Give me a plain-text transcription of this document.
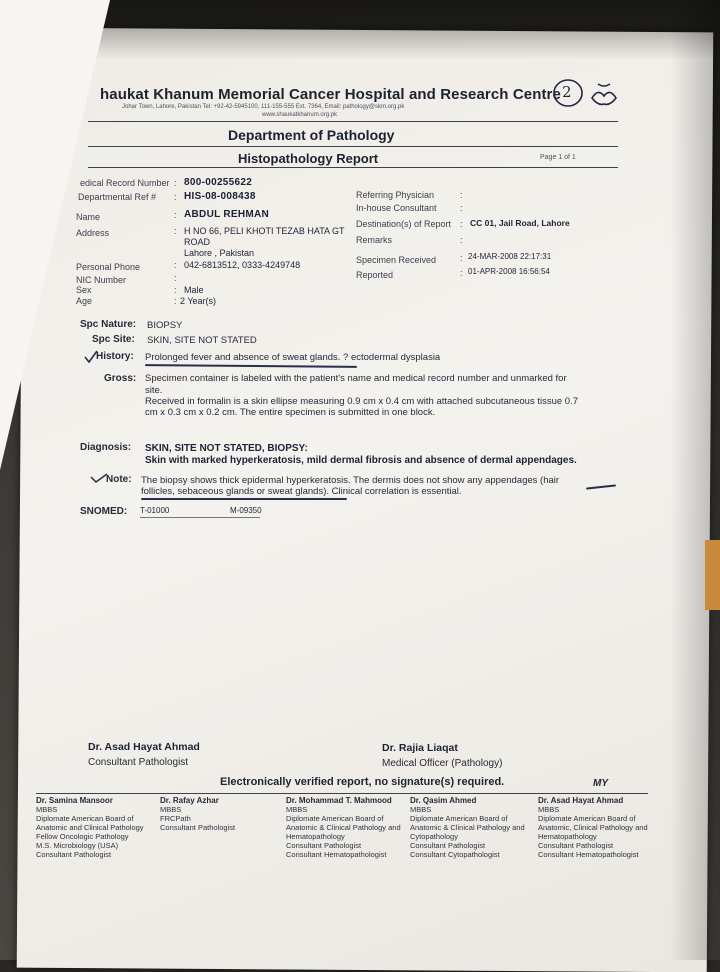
haukat Khanum Memorial Cancer Hospital and Research Centre
Johar Town, Lahore, Pakistan Tel: +92-42-5945100, 111-155-555 Ext. 7364, Email: pathology@skm.org.pk
www.shaukatkhanum.org.pk
2
Department of Pathology
Histopathology Report	Page 1 of 1
edical Record Number : 800-00255622
Departmental Ref # : HIS-08-008438
Name	: ABDUL REHMAN
Address	: H NO 66, PELI KHOTI TEZAB HATA GT
ROAD
Lahore , Pakistan
Personal Phone	: 042-6813512, 0333-4249748
NIC Number	:
Sex	: Male
Age	: 2 Year(s)
Referring Physician	:
In-house Consultant	:
Destination(s) of Report : CC 01, Jail Road, Lahore
Remarks	:
Specimen Received	: 24-MAR-2008 22:17:31
Reported	: 01-APR-2008 16:56:54
Spc Nature: BIOPSY
Spc Site: SKIN, SITE NOT STATED
History: Prolonged fever and absence of sweat glands. ? ectodermal dysplasia
Gross: Specimen container is labeled with the patient's name and medical record number and unmarked for
site.
Received in formalin is a skin ellipse measuring 0.9 cm x 0.4 cm with attached subcutaneous tissue 0.7
cm x 0.3 cm x 0.2 cm. The entire specimen is submitted in one block.
Diagnosis: SKIN, SITE NOT STATED, BIOPSY:
Skin with marked hyperkeratosis, mild dermal fibrosis and absence of dermal appendages.
Note: The biopsy shows thick epidermal hyperkeratosis. The dermis does not show any appendages (hair
follicles, sebaceous glands or sweat glands). Clinical correlation is essential.
SNOMED: T-01000	M-09350
Dr. Asad Hayat Ahmad
Consultant Pathologist
Dr. Rajia Liaqat
Medical Officer (Pathology)
Electronically verified report, no signature(s) required.	MY
Dr. Samina Mansoor
MBBS
Diplomate American Board of
Anatomic and Clinical Pathology
Fellow Oncologic Pathology
M.S. Microbiology (USA)
Consultant Pathologist
Dr. Rafay Azhar
MBBS
FRCPath
Consultant Pathologist
Dr. Mohammad T. Mahmood
MBBS
Diplomate American Board of
Anatomic & Clinical Pathology and
Hematopathology
Consultant Pathologist
Consultant Hematopathologist
Dr. Qasim Ahmed
MBBS
Diplomate American Board of
Anatomic & Clinical Pathology and
Cytopathology
Consultant Pathologist
Consultant Cytopathologist
Dr. Asad Hayat Ahmad
MBBS
Diplomate American Board of
Anatomic, Clinical Pathology and
Hematopathology
Consultant Pathologist
Consultant Hematopathologist
